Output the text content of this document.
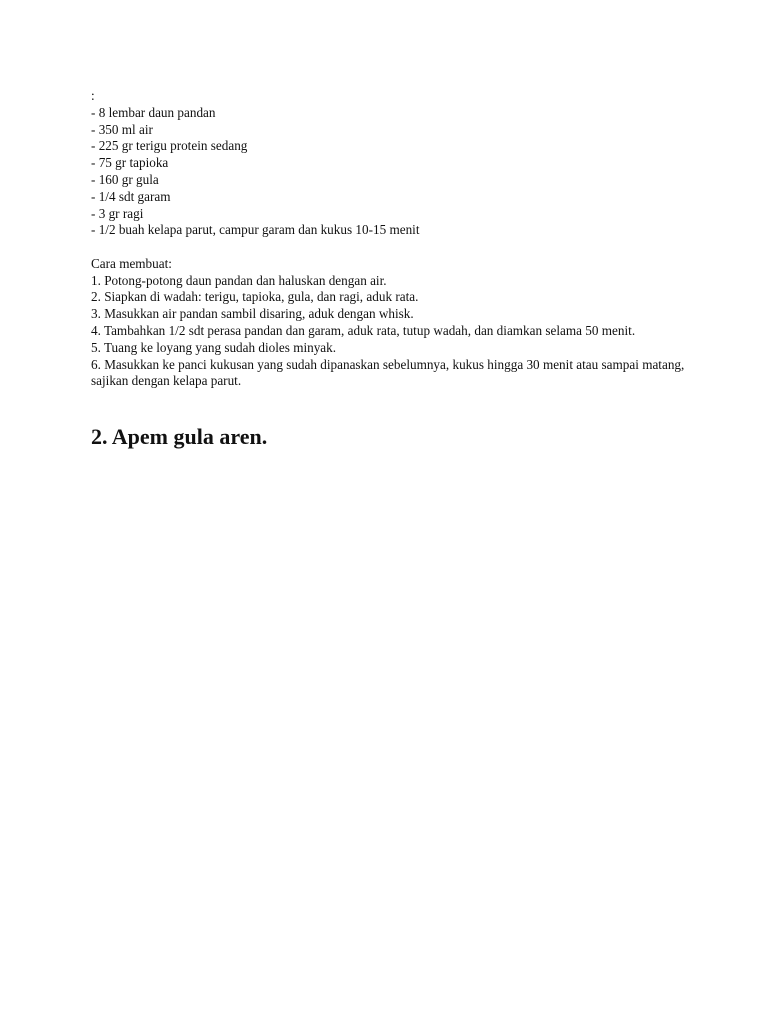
:

- 8 lembar daun pandan

- 350 ml air

- 225 gr terigu protein sedang

- 75 gr tapioka

- 160 gr gula

- 1/4 sdt garam

- 3 gr ragi

- 1/2 buah kelapa parut, campur garam dan kukus 10-15 menit

Cara membuat:

1. Potong-potong daun pandan dan haluskan dengan air.

2. Siapkan di wadah: terigu, tapioka, gula, dan ragi, aduk rata.

3. Masukkan air pandan sambil disaring, aduk dengan whisk.

4. Tambahkan 1/2 sdt perasa pandan dan garam, aduk rata, tutup wadah, dan diamkan selama 50 menit.

5. Tuang ke loyang yang sudah dioles minyak.

6. Masukkan ke panci kukusan yang sudah dipanaskan sebelumnya, kukus hingga 30 menit atau sampai matang, sajikan dengan kelapa parut.

2. Apem gula aren.
